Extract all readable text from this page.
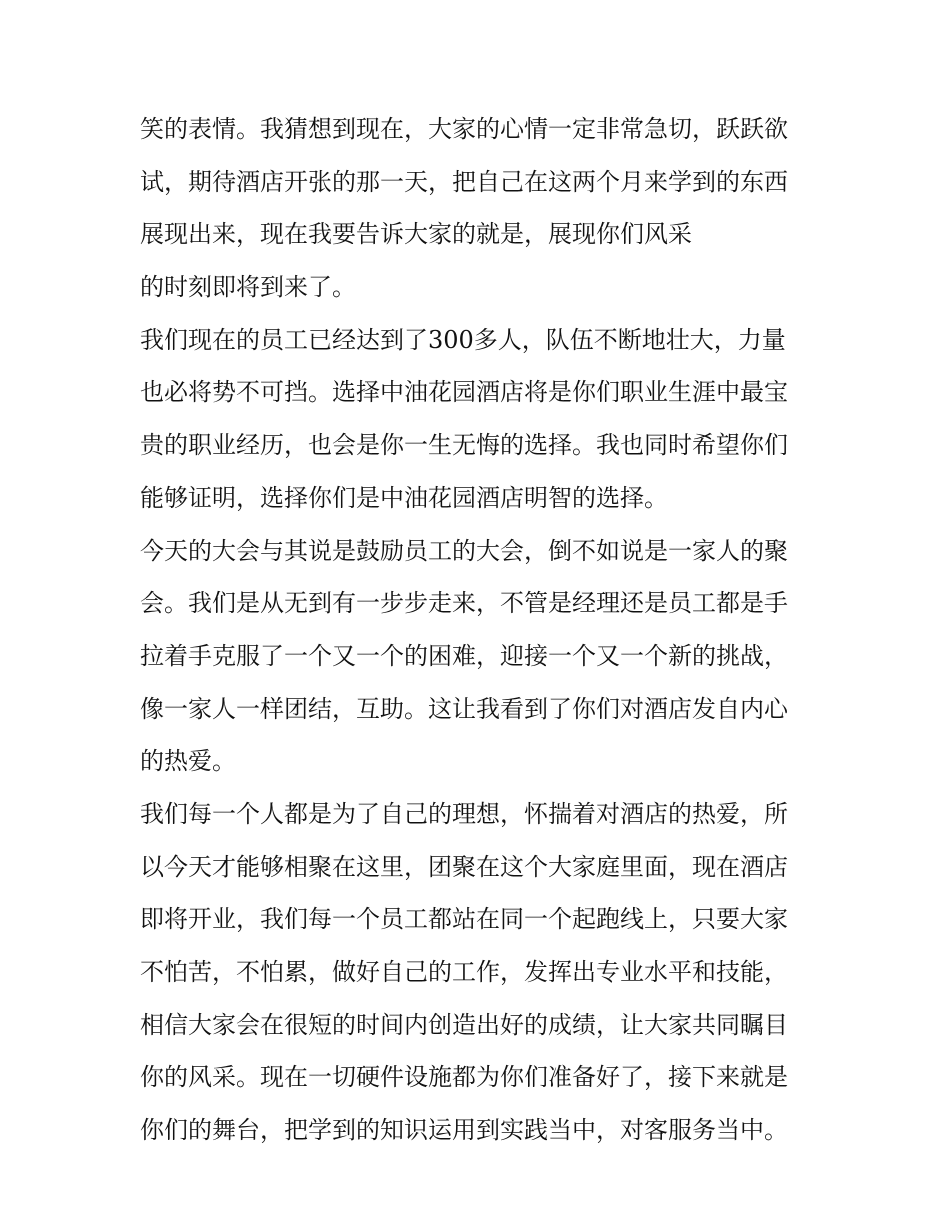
笑的表情。我猜想到现在，大家的心情一定非常急切，跃跃欲
试，期待酒店开张的那一天，把自己在这两个月来学到的东西
展现出来，现在我要告诉大家的就是，展现你们风采
的时刻即将到来了。
我们现在的员工已经达到了300多人，队伍不断地壮大，力量
也必将势不可挡。选择中油花园酒店将是你们职业生涯中最宝
贵的职业经历，也会是你一生无悔的选择。我也同时希望你们
能够证明，选择你们是中油花园酒店明智的选择。
今天的大会与其说是鼓励员工的大会，倒不如说是一家人的聚
会。我们是从无到有一步步走来，不管是经理还是员工都是手
拉着手克服了一个又一个的困难，迎接一个又一个新的挑战，
像一家人一样团结，互助。这让我看到了你们对酒店发自内心
的热爱。
我们每一个人都是为了自己的理想，怀揣着对酒店的热爱，所
以今天才能够相聚在这里，团聚在这个大家庭里面，现在酒店
即将开业，我们每一个员工都站在同一个起跑线上，只要大家
不怕苦，不怕累，做好自己的工作，发挥出专业水平和技能，
相信大家会在很短的时间内创造出好的成绩，让大家共同瞩目
你的风采。现在一切硬件设施都为你们准备好了，接下来就是
你们的舞台，把学到的知识运用到实践当中，对客服务当中。
